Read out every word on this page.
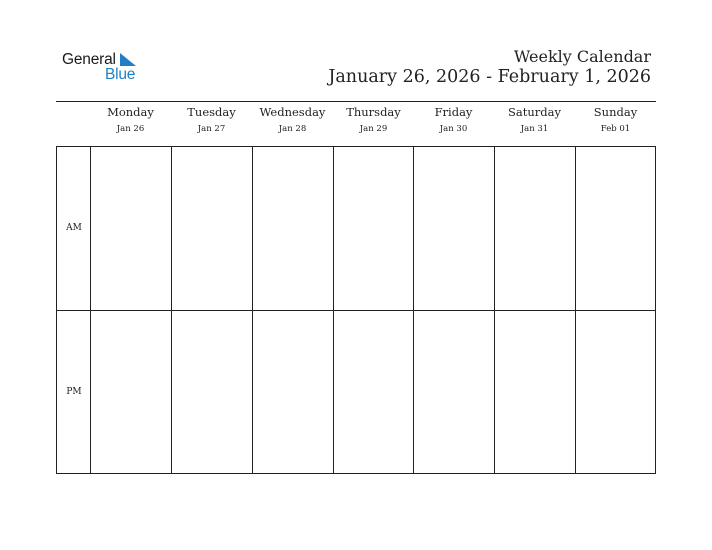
General
Blue
Weekly Calendar
January 26, 2026 - February 1, 2026
Monday
Jan 26
Tuesday
Jan 27
Wednesday
Jan 28
Thursday
Jan 29
Friday
Jan 30
Saturday
Jan 31
Sunday
Feb 01
AM
PM
